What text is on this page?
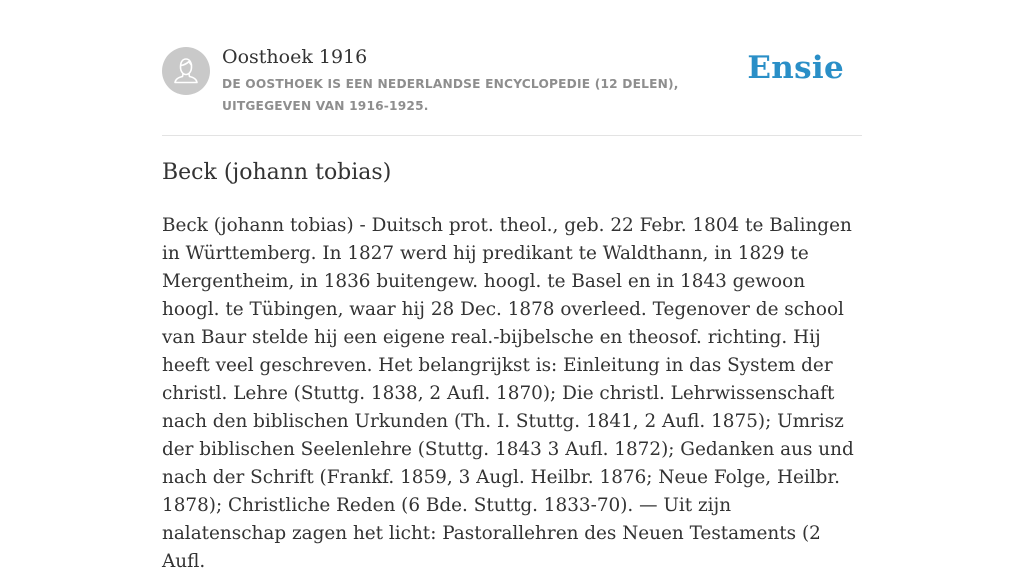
Oosthoek 1916
DE OOSTHOEK IS EEN NEDERLANDSE ENCYCLOPEDIE (12 DELEN), UITGEGEVEN VAN 1916-1925.
Ensie
Beck (johann tobias)

Beck (johann tobias) - Duitsch prot. theol., geb. 22 Febr. 1804 te Balingen in Württemberg. In 1827 werd hij predikant te Waldthann, in 1829 te Mergentheim, in 1836 buitengew. hoogl. te Basel en in 1843 gewoon hoogl. te Tübingen, waar hij 28 Dec. 1878 overleed. Tegenover de school van Baur stelde hij een eigene real.-bijbelsche en theosof. richting. Hij heeft veel geschreven. Het belangrijkst is: Einleitung in das System der christl. Lehre (Stuttg. 1838, 2 Aufl. 1870); Die christl. Lehrwissenschaft nach den biblischen Urkunden (Th. I. Stuttg. 1841, 2 Aufl. 1875); Umrisz der biblischen Seelenlehre (Stuttg. 1843 3 Aufl. 1872); Gedanken aus und nach der Schrift (Frankf. 1859, 3 Augl. Heilbr. 1876; Neue Folge, Heilbr. 1878); Christliche Reden (6 Bde. Stuttg. 1833-70). — Uit zijn nalatenschap zagen het licht: Pastorallehren des Neuen Testaments (2 Aufl.
